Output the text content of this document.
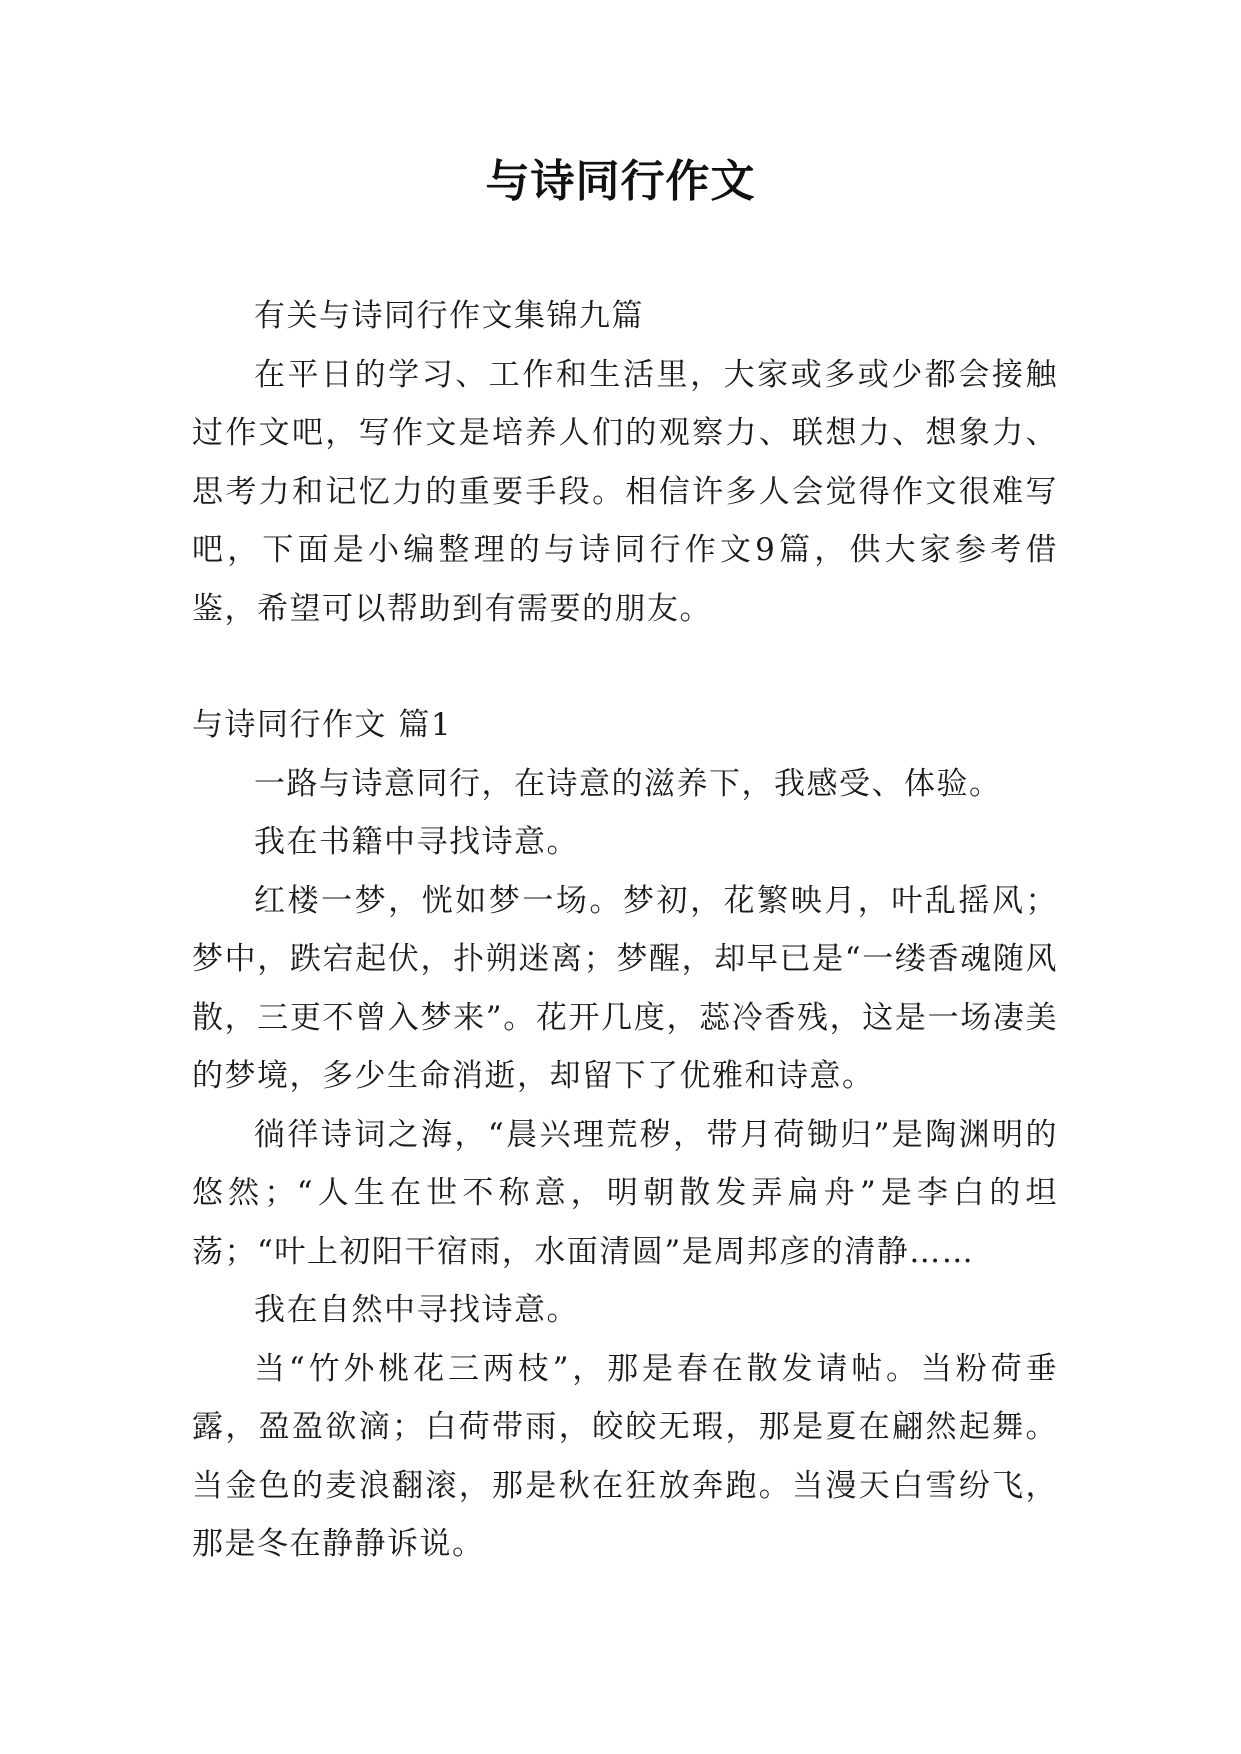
与诗同行作文

有关与诗同行作文集锦九篇

在平日的学习、工作和生活里，大家或多或少都会接触过作文吧，写作文是培养人们的观察力、联想力、想象力、思考力和记忆力的重要手段。相信许多人会觉得作文很难写吧，下面是小编整理的与诗同行作文9篇，供大家参考借鉴，希望可以帮助到有需要的朋友。

与诗同行作文 篇1

一路与诗意同行，在诗意的滋养下，我感受、体验。

我在书籍中寻找诗意。

红楼一梦，恍如梦一场。梦初，花繁映月，叶乱摇风；梦中，跌宕起伏，扑朔迷离；梦醒，却早已是“一缕香魂随风散，三更不曾入梦来”。花开几度，蕊冷香残，这是一场凄美的梦境，多少生命消逝，却留下了优雅和诗意。

徜徉诗词之海，“晨兴理荒秽，带月荷锄归”是陶渊明的悠然；“人生在世不称意，明朝散发弄扁舟”是李白的坦荡；“叶上初阳干宿雨，水面清圆”是周邦彦的清静……

我在自然中寻找诗意。

当“竹外桃花三两枝”，那是春在散发请帖。当粉荷垂露，盈盈欲滴；白荷带雨，皎皎无瑕，那是夏在翩然起舞。当金色的麦浪翻滚，那是秋在狂放奔跑。当漫天白雪纷飞，那是冬在静静诉说。
